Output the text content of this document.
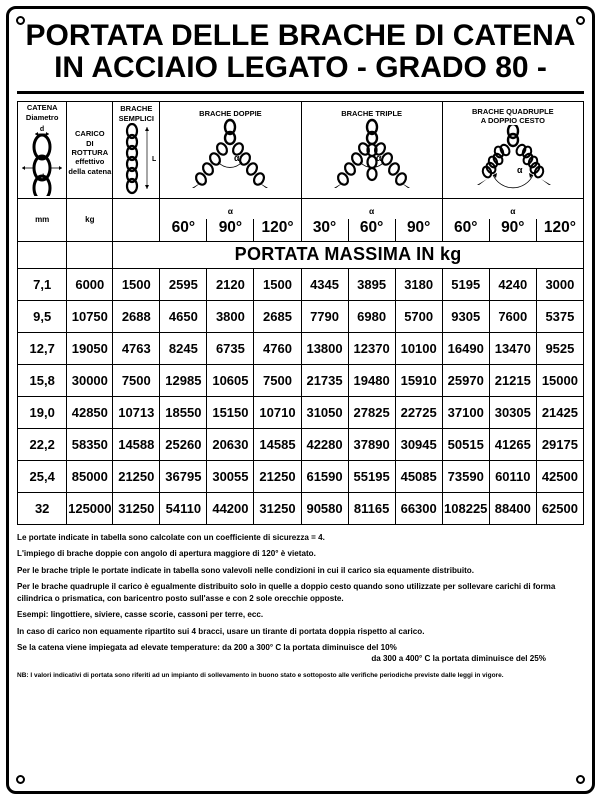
PORTATA DELLE BRACHE DI CATENA
IN ACCIAIO LEGATO - GRADO 80 -
CATENA
Diametro
d
d	CARICO
DI
ROTTURA
effettivo
della catena	BRACHE
SEMPLICI
L	BRACHE DOPPIE
α			BRACHE TRIPLE
α			BRACHE QUADRUPLE
A DOPPIO CESTO
α		

mm	kg		α			α			α		
			60°	90°	120°	30°	60°	90°	60°	90°	120°
		PORTATA MASSIMA IN kg									
7,1	6000	1500	2595	2120	1500	4345	3895	3180	5195	4240	3000
9,5	10750	2688	4650	3800	2685	7790	6980	5700	9305	7600	5375
12,7	19050	4763	8245	6735	4760	13800	12370	10100	16490	13470	9525
15,8	30000	7500	12985	10605	7500	21735	19480	15910	25970	21215	15000
19,0	42850	10713	18550	15150	10710	31050	27825	22725	37100	30305	21425
22,2	58350	14588	25260	20630	14585	42280	37890	30945	50515	41265	29175
25,4	85000	21250	36795	30055	21250	61590	55195	45085	73590	60110	42500
32	125000	31250	54110	44200	31250	90580	81165	66300	108225	88400	62500

Le portate indicate in tabella sono calcolate con un coefficiente di sicurezza = 4.

L'impiego di brache doppie con angolo di apertura maggiore di 120° è vietato.

Per le brache triple le portate indicate in tabella sono valevoli nelle condizioni in cui il carico sia equamente distribuito.

Per le brache quadruple il carico è egualmente distribuito solo in quelle a doppio cesto quando sono utilizzate per sollevare carichi di forma cilindrica o prismatica, con baricentro posto sull'asse e con 2 sole orecchie opposte.

Esempi: lingottiere, siviere, casse scorie, cassoni per terre, ecc.

In caso di carico non equamente ripartito sui 4 bracci, usare un tirante di portata doppia rispetto al carico.

Se la catena viene impiegata ad elevate temperature: da 200 a 300° C la portata diminuisce del 10%

da 300 a 400° C la portata diminuisce del 25%

NB: I valori indicativi di portata sono riferiti ad un impianto di sollevamento in buono stato e sottoposto alle verifiche periodiche previste dalle leggi in vigore.
